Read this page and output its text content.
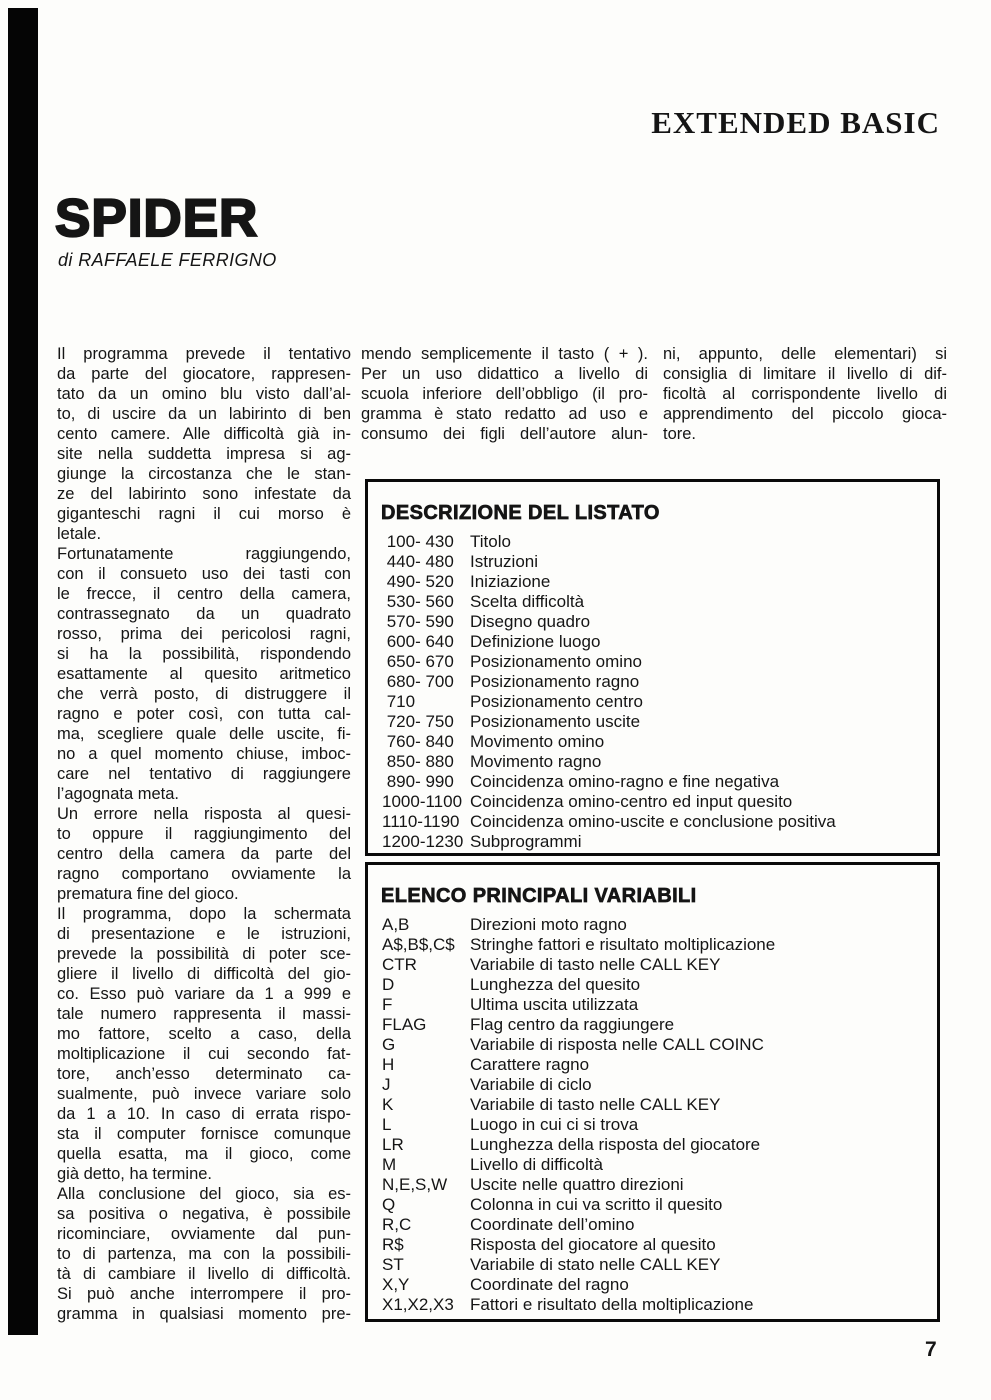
EXTENDED BASIC
SPIDER
di RAFFAELE FERRIGNO
Il programma prevede il tentativo
da parte del giocatore, rappresen-
tato da un omino blu visto dall’al-
to, di uscire da un labirinto di ben
cento camere. Alle difficoltà già in-
site nella suddetta impresa si ag-
giunge la circostanza che le stan-
ze del labirinto sono infestate da
giganteschi ragni il cui morso è
letale.
Fortunatamente raggiungendo,
con il consueto uso dei tasti con
le frecce, il centro della camera,
contrassegnato da un quadrato
rosso, prima dei pericolosi ragni,
si ha la possibilità, rispondendo
esattamente al quesito aritmetico
che verrà posto, di distruggere il
ragno e poter così, con tutta cal-
ma, scegliere quale delle uscite, fi-
no a quel momento chiuse, imboc-
care nel tentativo di raggiungere
l’agognata meta.
Un errore nella risposta al quesi-
to oppure il raggiungimento del
centro della camera da parte del
ragno comportano ovviamente la
prematura fine del gioco.
Il programma, dopo la schermata
di presentazione e le istruzioni,
prevede la possibilità di poter sce-
gliere il livello di difficoltà del gio-
co. Esso può variare da 1 a 999 e
tale numero rappresenta il massi-
mo fattore, scelto a caso, della
moltiplicazione il cui secondo fat-
tore, anch’esso determinato ca-
sualmente, può invece variare solo
da 1 a 10. In caso di errata rispo-
sta il computer fornisce comunque
quella esatta, ma il gioco, come
già detto, ha termine.
Alla conclusione del gioco, sia es-
sa positiva o negativa, è possibile
ricominciare, ovviamente dal pun-
to di partenza, ma con la possibili-
tà di cambiare il livello di difficoltà.
Si può anche interrompere il pro-
gramma in qualsiasi momento pre-
mendo semplicemente il tasto ( + ).
Per un uso didattico a livello di
scuola inferiore dell’obbligo (il pro-
gramma è stato redatto ad uso e
consumo dei figli dell’autore alun-
ni, appunto, delle elementari) si
consiglia di limitare il livello di dif-
ficoltà al corrispondente livello di
apprendimento del piccolo gioca-
tore.
DESCRIZIONE DEL LISTATO
100- 430 Titolo
440- 480 Istruzioni
490- 520 Iniziazione
530- 560 Scelta difficoltà
570- 590 Disegno quadro
600- 640 Definizione luogo
650- 670 Posizionamento omino
680- 700 Posizionamento ragno
710	Posizionamento centro
720- 750 Posizionamento uscite
760- 840 Movimento omino
850- 880 Movimento ragno
890- 990 Coincidenza omino-ragno e fine negativa
1000-1100 Coincidenza omino-centro ed input quesito
1110-1190 Coincidenza omino-uscite e conclusione positiva
1200-1230 Subprogrammi
ELENCO PRINCIPALI VARIABILI
A,B	Direzioni moto ragno
A$,B$,C$ Stringhe fattori e risultato moltiplicazione
CTR	Variabile di tasto nelle CALL KEY
D	Lunghezza del quesito
F	Ultima uscita utilizzata
FLAG	Flag centro da raggiungere
G	Variabile di risposta nelle CALL COINC
H	Carattere ragno
J	Variabile di ciclo
K	Variabile di tasto nelle CALL KEY
L	Luogo in cui ci si trova
LR	Lunghezza della risposta del giocatore
M	Livello di difficoltà
N,E,S,W Uscite nelle quattro direzioni
Q	Colonna in cui va scritto il quesito
R,C	Coordinate dell’omino
R$	Risposta del giocatore al quesito
ST	Variabile di stato nelle CALL KEY
X,Y	Coordinate del ragno
X1,X2,X3 Fattori e risultato della moltiplicazione
7
